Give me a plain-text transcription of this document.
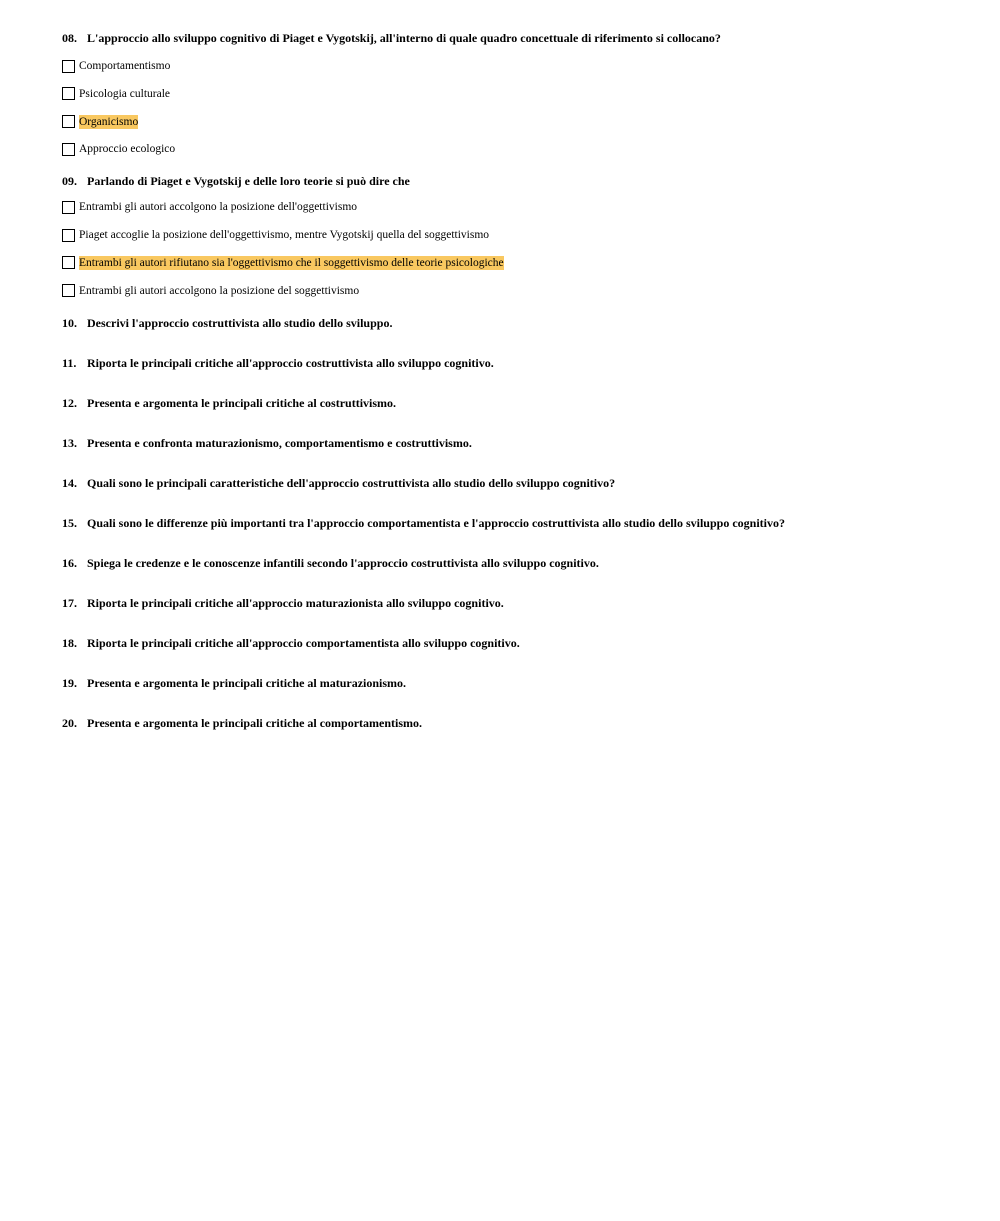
08. L'approccio allo sviluppo cognitivo di Piaget e Vygotskij, all'interno di quale quadro concettuale di riferimento si collocano?
Comportamentismo
Psicologia culturale
Organicismo
Approccio ecologico
09. Parlando di Piaget e Vygotskij e delle loro teorie si può dire che
Entrambi gli autori accolgono la posizione dell'oggettivismo
Piaget accoglie la posizione dell'oggettivismo, mentre Vygotskij quella del soggettivismo
Entrambi gli autori rifiutano sia l'oggettivismo che il soggettivismo delle teorie psicologiche
Entrambi gli autori accolgono la posizione del soggettivismo
10. Descrivi l'approccio costruttivista allo studio dello sviluppo.
11. Riporta le principali critiche all'approccio costruttivista allo sviluppo cognitivo.
12. Presenta e argomenta le principali critiche al costruttivismo.
13. Presenta e confronta maturazionismo, comportamentismo e costruttivismo.
14. Quali sono le principali caratteristiche dell'approccio costruttivista allo studio dello sviluppo cognitivo?
15. Quali sono le differenze più importanti tra l'approccio comportamentista e l'approccio costruttivista allo studio dello sviluppo cognitivo?
16. Spiega le credenze e le conoscenze infantili secondo l'approccio costruttivista allo sviluppo cognitivo.
17. Riporta le principali critiche all'approccio maturazionista allo sviluppo cognitivo.
18. Riporta le principali critiche all'approccio comportamentista allo sviluppo cognitivo.
19. Presenta e argomenta le principali critiche al maturazionismo.
20. Presenta e argomenta le principali critiche al comportamentismo.
